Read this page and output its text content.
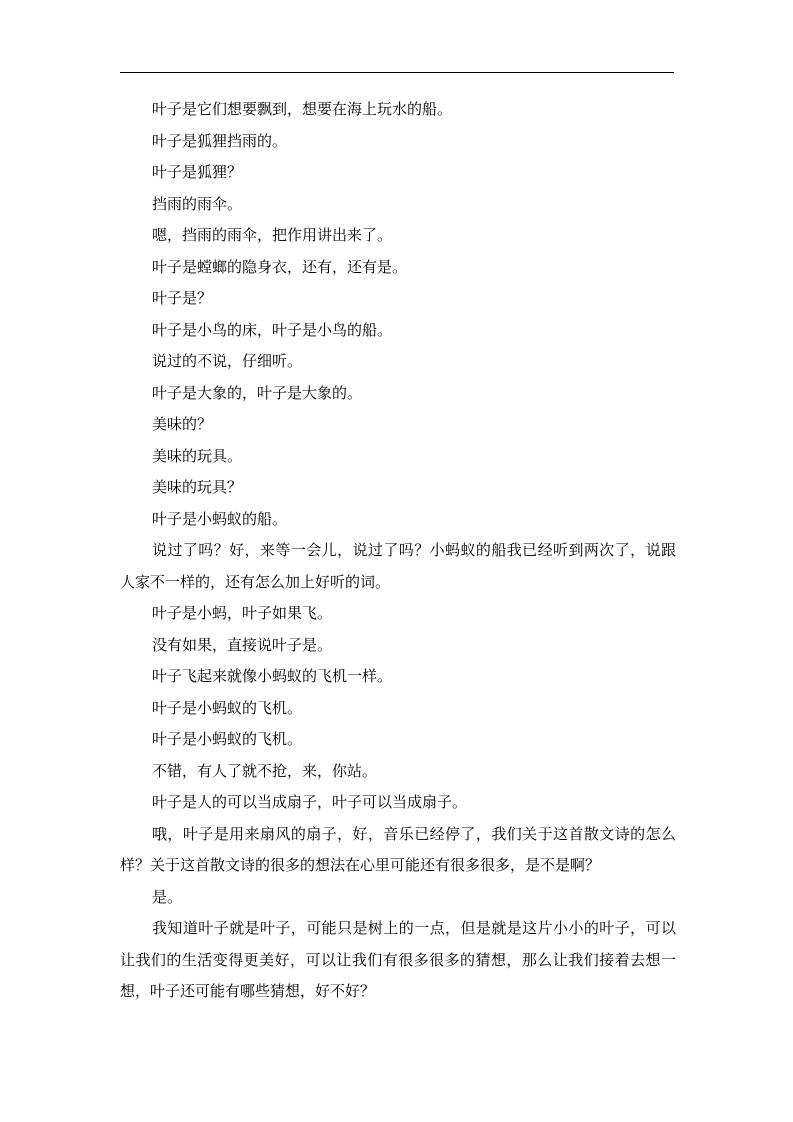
叶子是它们想要飘到，想要在海上玩水的船。

叶子是狐狸挡雨的。

叶子是狐狸？

挡雨的雨伞。

嗯，挡雨的雨伞，把作用讲出来了。

叶子是螳螂的隐身衣，还有，还有是。

叶子是？

叶子是小鸟的床，叶子是小鸟的船。

说过的不说，仔细听。

叶子是大象的，叶子是大象的。

美味的？

美味的玩具。

美味的玩具？

叶子是小蚂蚁的船。

说过了吗？好，来等一会儿，说过了吗？小蚂蚁的船我已经听到两次了，说跟人家不一样的，还有怎么加上好听的词。

叶子是小蚂，叶子如果飞。

没有如果，直接说叶子是。

叶子飞起来就像小蚂蚁的飞机一样。

叶子是小蚂蚁的飞机。

叶子是小蚂蚁的飞机。

不错，有人了就不抢，来，你站。

叶子是人的可以当成扇子，叶子可以当成扇子。

哦，叶子是用来扇风的扇子，好，音乐已经停了，我们关于这首散文诗的怎么样？关于这首散文诗的很多的想法在心里可能还有很多很多，是不是啊？

是。

我知道叶子就是叶子，可能只是树上的一点，但是就是这片小小的叶子，可以让我们的生活变得更美好，可以让我们有很多很多的猜想，那么让我们接着去想一想，叶子还可能有哪些猜想，好不好？
